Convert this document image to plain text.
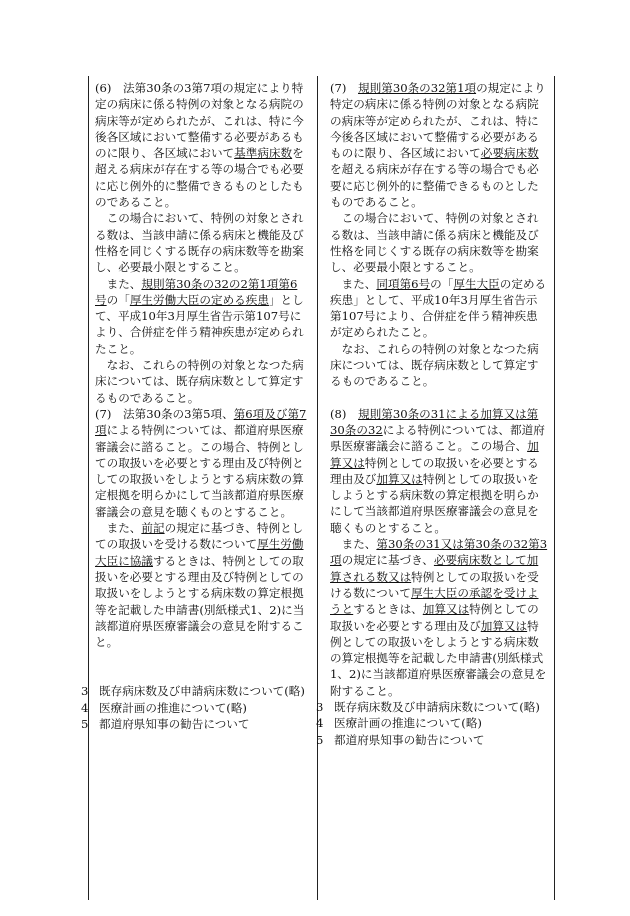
(6)　法第30条の3第7項の規定により特定の病床に係る特例の対象となる病院の病床等が定められたが、これは、特に今後各区域において整備する必要があるものに限り、各区域において基準病床数を超える病床が存在する等の場合でも必要に応じ例外的に整備できるものとしたものであること。

この場合において、特例の対象とされる数は、当該申請に係る病床と機能及び性格を同じくする既存の病床数等を勘案し、必要最小限とすること。

また、規則第30条の32の2第1項第6号の「厚生労働大臣の定める疾患」として、平成10年3月厚生省告示第107号により、合併症を伴う精神疾患が定められたこと。

なお、これらの特例の対象となつた病床については、既存病床数として算定するものであること。

(7)　法第30条の3第5項、第6項及び第7項による特例については、都道府県医療審議会に諮ること。この場合、特例としての取扱いを必要とする理由及び特例としての取扱いをしようとする病床数の算定根拠を明らかにして当該都道府県医療審議会の意見を聴くものとすること。

また、前記の規定に基づき、特例としての取扱いを受ける数について厚生労働大臣に協議するときは、特例としての取扱いを必要とする理由及び特例としての取扱いをしようとする病床数の算定根拠等を記載した申請書(別紙様式1、2)に当該都道府県医療審議会の意見を附すること。

3 既存病床数及び申請病床数について(略)

4 医療計画の推進について(略)

5 都道府県知事の勧告について

(7)　規則第30条の32第1項の規定により特定の病床に係る特例の対象となる病院の病床等が定められたが、これは、特に今後各区域において整備する必要があるものに限り、各区域において必要病床数を超える病床が存在する等の場合でも必要に応じ例外的に整備できるものとしたものであること。

この場合において、特例の対象とされる数は、当該申請に係る病床と機能及び性格を同じくする既存の病床数等を勘案し、必要最小限とすること。

また、同項第6号の「厚生大臣の定める疾患」として、平成10年3月厚生省告示第107号により、合併症を伴う精神疾患が定められたこと。

なお、これらの特例の対象となつた病床については、既存病床数として算定するものであること。

(8)　規則第30条の31による加算又は第30条の32による特例については、都道府県医療審議会に諮ること。この場合、加算又は特例としての取扱いを必要とする理由及び加算又は特例としての取扱いをしようとする病床数の算定根拠を明らかにして当該都道府県医療審議会の意見を聴くものとすること。

また、第30条の31又は第30条の32第3項の規定に基づき、必要病床数として加算される数又は特例としての取扱いを受ける数について厚生大臣の承認を受けようとするときは、加算又は特例としての取扱いを必要とする理由及び加算又は特例としての取扱いをしようとする病床数の算定根拠等を記載した申請書(別紙様式1、2)に当該都道府県医療審議会の意見を附すること。

3 既存病床数及び申請病床数について(略)

4 医療計画の推進について(略)

5 都道府県知事の勧告について
